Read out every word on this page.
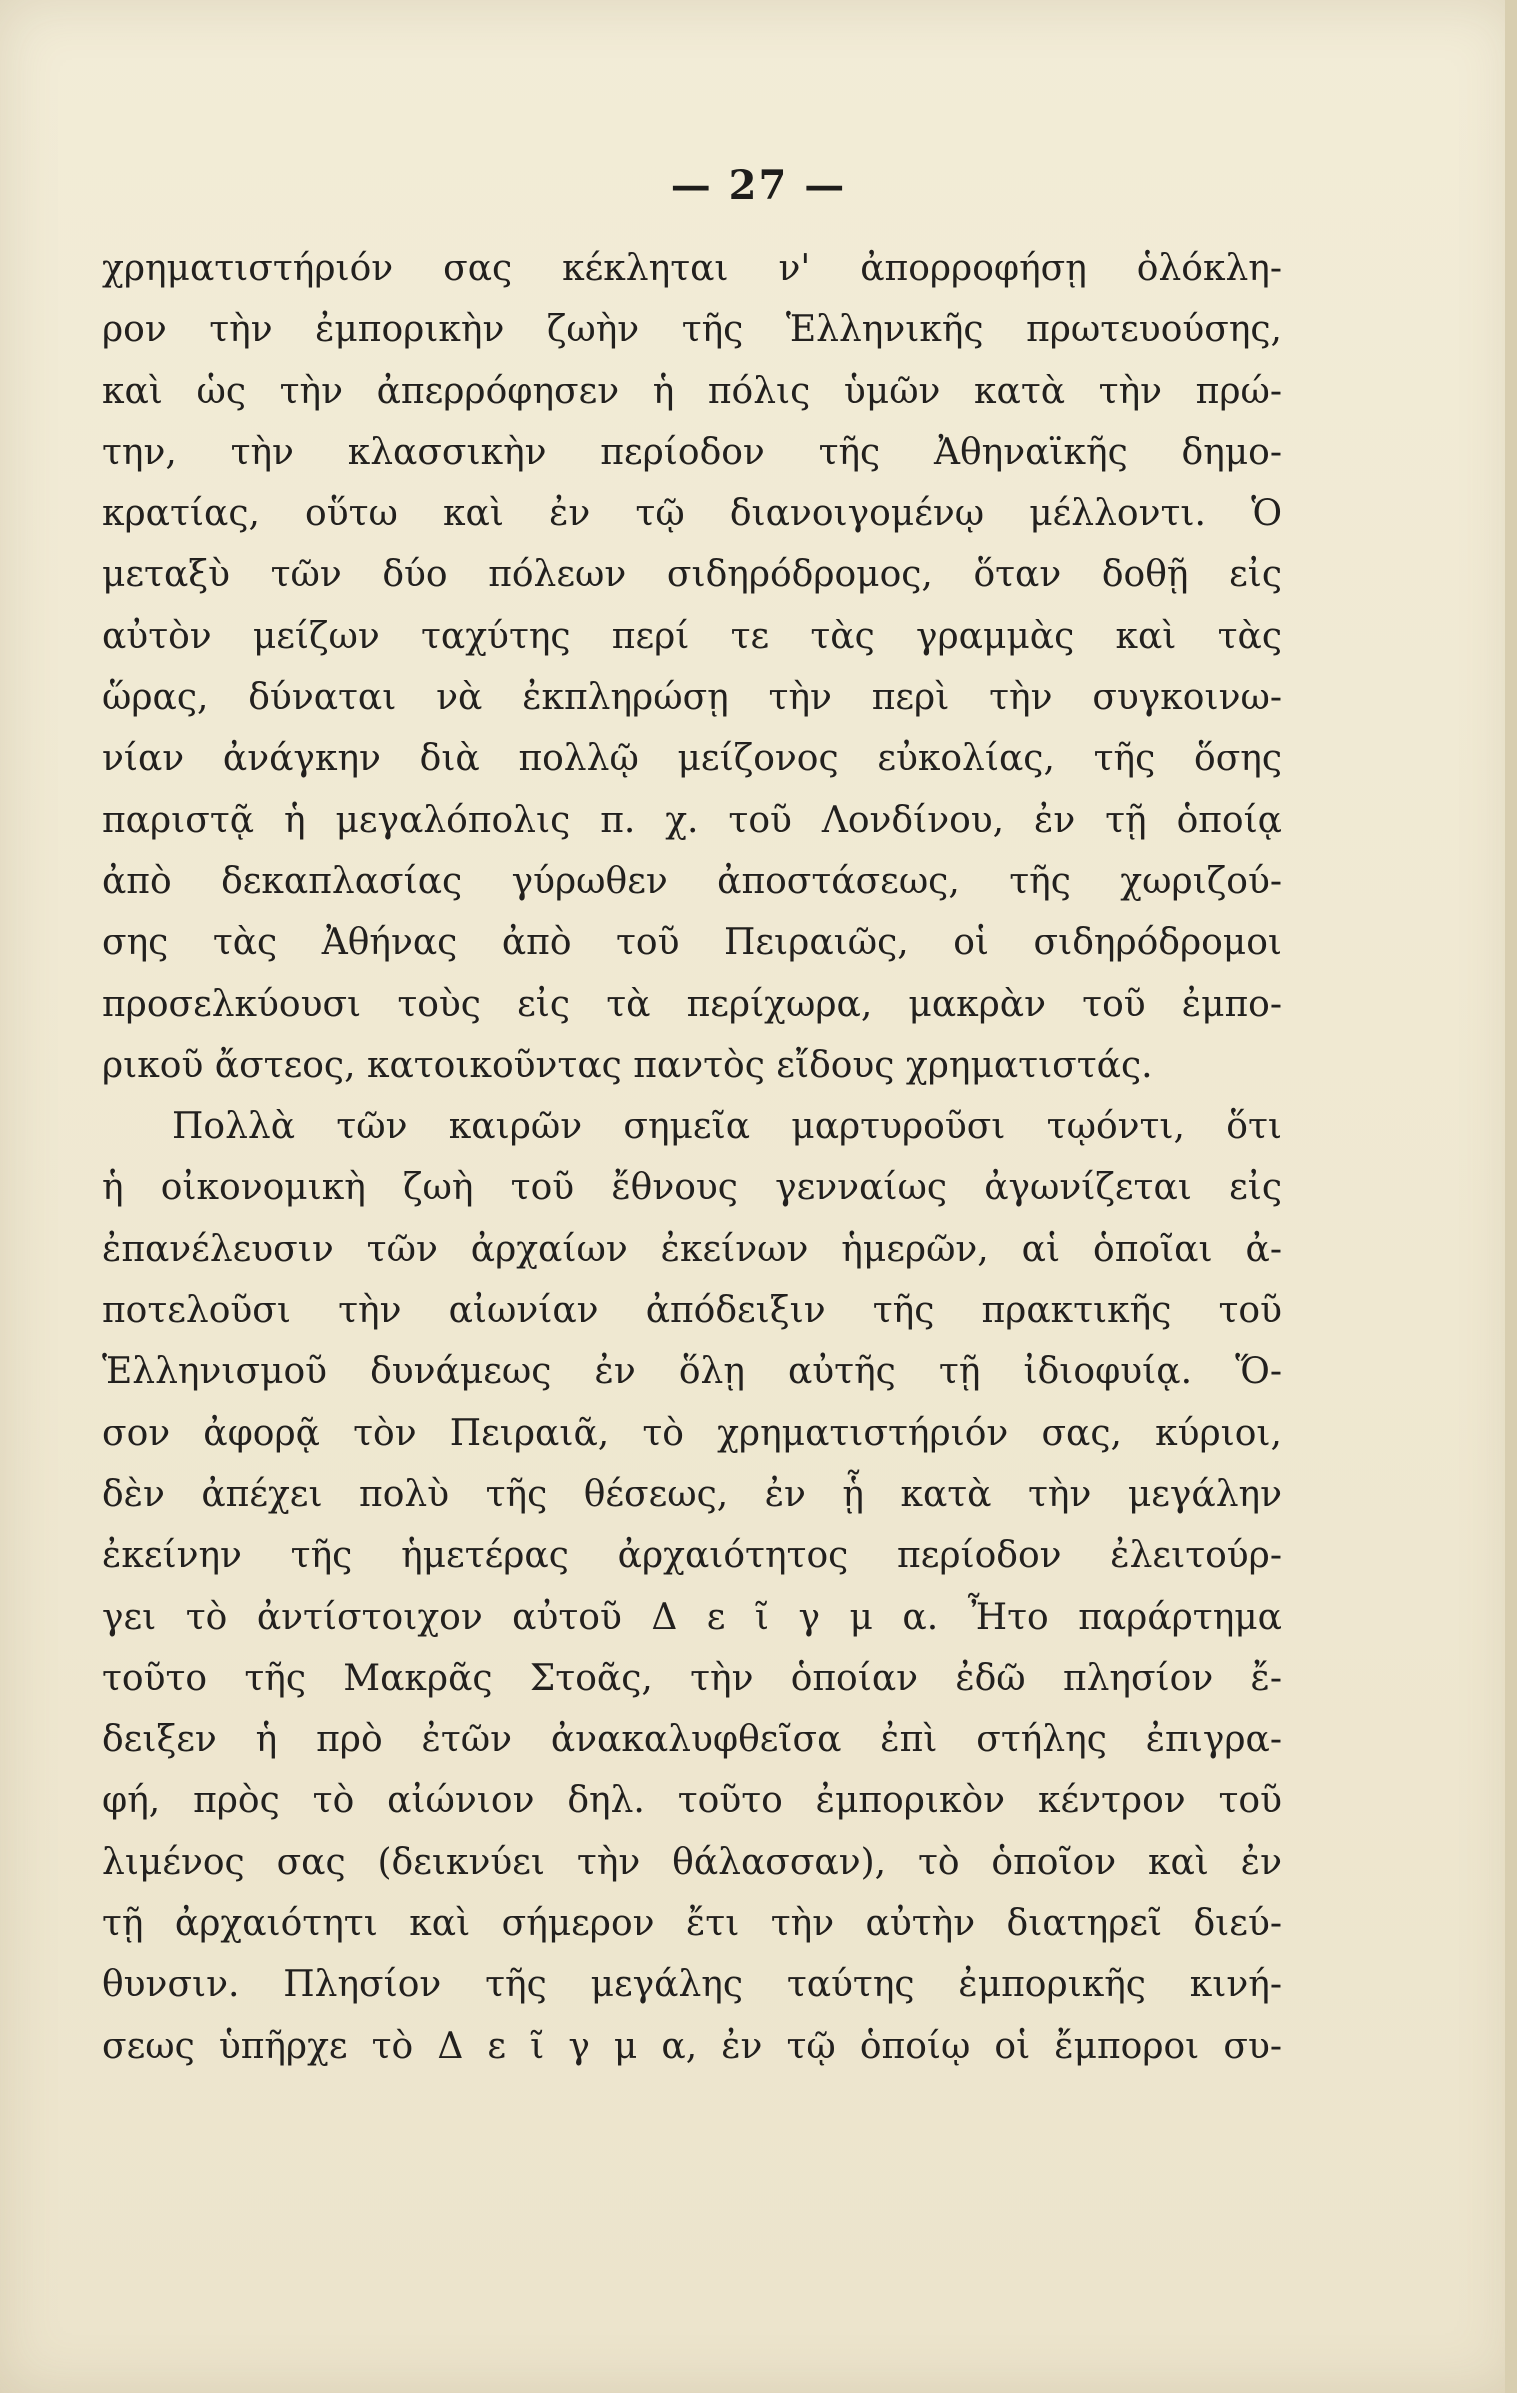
— 27 —
χρηματιστήριόν σας κέκληται ν' ἀπορροφήσῃ ὁλόκλη-
ρον τὴν ἐμπορικὴν ζωὴν τῆς Ἑλληνικῆς πρωτευούσης,
καὶ ὡς τὴν ἀπερρόφησεν ἡ πόλις ὑμῶν κατὰ τὴν πρώ-
την, τὴν κλασσικὴν περίοδον τῆς Ἀθηναϊκῆς δημο-
κρατίας, οὕτω καὶ ἐν τῷ διανοιγομένῳ μέλλοντι. Ὁ
μεταξὺ τῶν δύο πόλεων σιδηρόδρομος, ὅταν δοθῇ εἰς
αὐτὸν μείζων ταχύτης περί τε τὰς γραμμὰς καὶ τὰς
ὥρας, δύναται νὰ ἐκπληρώσῃ τὴν περὶ τὴν συγκοινω-
νίαν ἀνάγκην διὰ πολλῷ μείζονος εὐκολίας, τῆς ὅσης
παριστᾷ ἡ μεγαλόπολις π. χ. τοῦ Λονδίνου, ἐν τῇ ὁποίᾳ
ἀπὸ δεκαπλασίας γύρωθεν ἀποστάσεως, τῆς χωριζού-
σης τὰς Ἀθήνας ἀπὸ τοῦ Πειραιῶς, οἱ σιδηρόδρομοι
προσελκύουσι τοὺς εἰς τὰ περίχωρα, μακρὰν τοῦ ἐμπο-
ρικοῦ ἄστεος, κατοικοῦντας παντὸς εἴδους χρηματιστάς.
Πολλὰ τῶν καιρῶν σημεῖα μαρτυροῦσι τῳόντι, ὅτι
ἡ οἰκονομικὴ ζωὴ τοῦ ἔθνους γενναίως ἀγωνίζεται εἰς
ἐπανέλευσιν τῶν ἀρχαίων ἐκείνων ἡμερῶν, αἱ ὁποῖαι ἀ-
ποτελοῦσι τὴν αἰωνίαν ἀπόδειξιν τῆς πρακτικῆς τοῦ
Ἑλληνισμοῦ δυνάμεως ἐν ὅλῃ αὐτῆς τῇ ἰδιοφυίᾳ. Ὅ-
σον ἀφορᾷ τὸν Πειραιᾶ, τὸ χρηματιστήριόν σας, κύριοι,
δὲν ἀπέχει πολὺ τῆς θέσεως, ἐν ᾗ κατὰ τὴν μεγάλην
ἐκείνην τῆς ἡμετέρας ἀρχαιότητος περίοδον ἐλειτούρ-
γει τὸ ἀντίστοιχον αὐτοῦ Δ ε ῖ γ μ α. Ἦτο παράρτημα
τοῦτο τῆς Μακρᾶς Στοᾶς, τὴν ὁποίαν ἐδῶ πλησίον ἔ-
δειξεν ἡ πρὸ ἐτῶν ἀνακαλυφθεῖσα ἐπὶ στήλης ἐπιγρα-
φή, πρὸς τὸ αἰώνιον δηλ. τοῦτο ἐμπορικὸν κέντρον τοῦ
λιμένος σας (δεικνύει τὴν θάλασσαν), τὸ ὁποῖον καὶ ἐν
τῇ ἀρχαιότητι καὶ σήμερον ἔτι τὴν αὐτὴν διατηρεῖ διεύ-
θυνσιν. Πλησίον τῆς μεγάλης ταύτης ἐμπορικῆς κινή-
σεως ὑπῆρχε τὸ Δ ε ῖ γ μ α, ἐν τῷ ὁποίῳ οἱ ἔμποροι συ-
